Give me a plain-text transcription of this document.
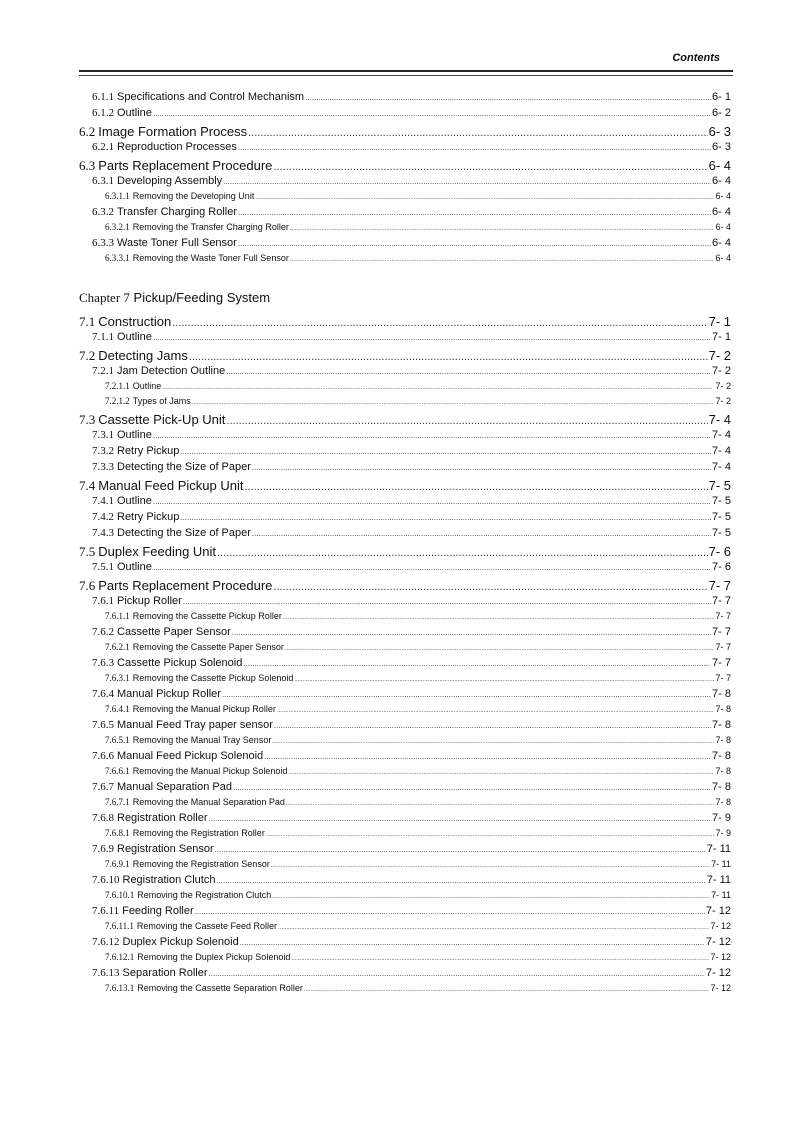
Contents
6.1.1 Specifications and Control Mechanism .....	6- 1
6.1.2 Outline .....	6- 2
6.2 Image Formation Process .....	6- 3
6.2.1 Reproduction Processes .....	6- 3
6.3 Parts Replacement Procedure .....	6- 4
6.3.1 Developing Assembly .....	6- 4
6.3.1.1 Removing the Developing Unit .....	6- 4
6.3.2 Transfer Charging Roller .....	6- 4
6.3.2.1 Removing the Transfer Charging Roller .....	6- 4
6.3.3 Waste Toner Full Sensor .....	6- 4
6.3.3.1 Removing the Waste Toner Full Sensor .....	6- 4
Chapter 7 Pickup/Feeding System
7.1 Construction .....	7- 1
7.1.1 Outline .....	7- 1
7.2 Detecting Jams .....	7- 2
7.2.1 Jam Detection Outline .....	7- 2
7.2.1.1 Outline .....	7- 2
7.2.1.2 Types of Jams .....	7- 2
7.3 Cassette Pick-Up Unit .....	7- 4
7.3.1 Outline .....	7- 4
7.3.2 Retry Pickup .....	7- 4
7.3.3 Detecting the Size of Paper .....	7- 4
7.4 Manual Feed Pickup Unit .....	7- 5
7.4.1 Outline .....	7- 5
7.4.2 Retry Pickup .....	7- 5
7.4.3 Detecting the Size of Paper .....	7- 5
7.5 Duplex Feeding Unit .....	7- 6
7.5.1 Outline .....	7- 6
7.6 Parts Replacement Procedure .....	7- 7
7.6.1 Pickup Roller .....	7- 7
7.6.1.1 Removing the Cassette Pickup Roller .....	7- 7
7.6.2 Cassette Paper Sensor .....	7- 7
7.6.2.1 Removing the Cassette Paper Sensor .....	7- 7
7.6.3 Cassette Pickup Solenoid .....	7- 7
7.6.3.1 Removing the Cassette Pickup Solenoid .....	7- 7
7.6.4 Manual Pickup Roller .....	7- 8
7.6.4.1 Removing the Manual Pickup Roller .....	7- 8
7.6.5 Manual Feed Tray paper sensor .....	7- 8
7.6.5.1 Removing the Manual Tray Sensor .....	7- 8
7.6.6 Manual Feed Pickup Solenoid .....	7- 8
7.6.6.1 Removing the Manual Pickup Solenoid .....	7- 8
7.6.7 Manual Separation Pad .....	7- 8
7.6.7.1 Removing the Manual Separation Pad .....	7- 8
7.6.8 Registration Roller .....	7- 9
7.6.8.1 Removing the Registration Roller .....	7- 9
7.6.9 Registration Sensor .....	7- 11
7.6.9.1 Removing the Registration Sensor .....	7- 11
7.6.10 Registration Clutch .....	7- 11
7.6.10.1 Removing the Registration Clutch .....	7- 11
7.6.11 Feeding Roller .....	7- 12
7.6.11.1 Removing the Cassete Feed Roller .....	7- 12
7.6.12 Duplex Pickup Solenoid .....	7- 12
7.6.12.1 Removing the Duplex Pickup Solenoid .....	7- 12
7.6.13 Separation Roller .....	7- 12
7.6.13.1 Removing the Cassette Separation Roller .....	7- 12
